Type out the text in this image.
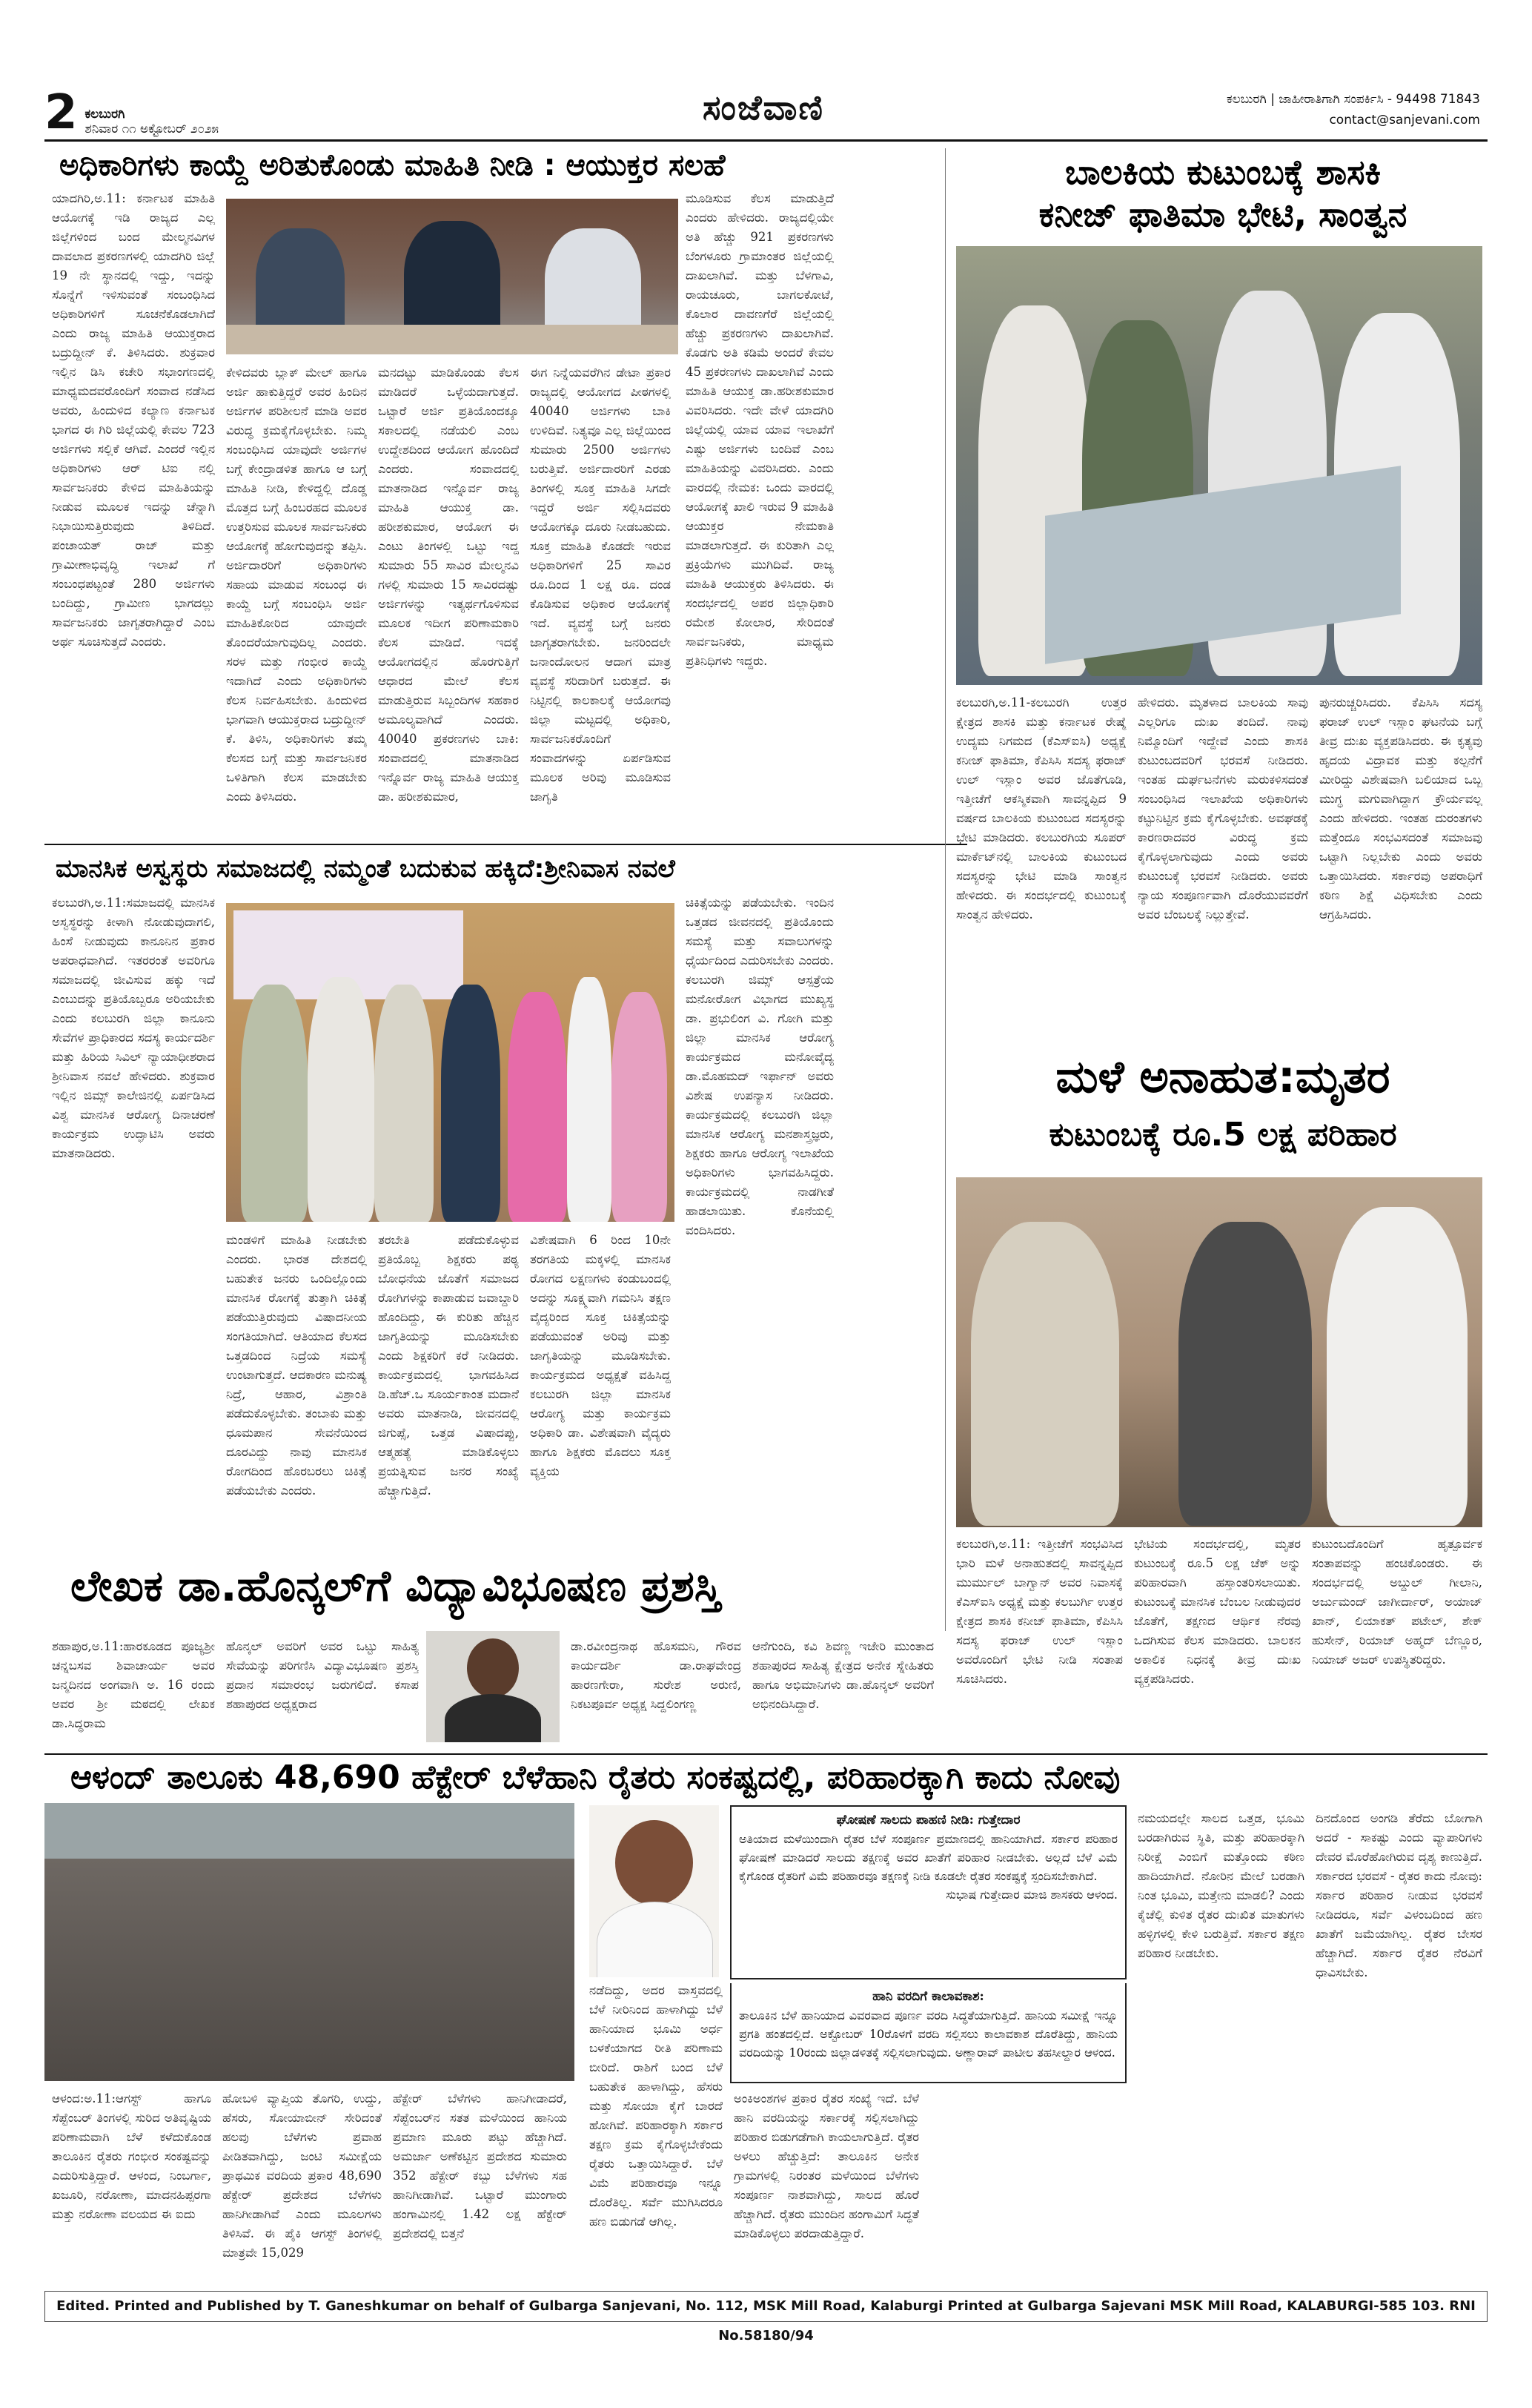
2 ಕಲಬುರಗಿ
ಶನಿವಾರ ೧೧ ಅಕ್ಟೋಬರ್ ೨೦೨೫
ಸಂಜೆವಾಣಿ	ಕಲಬುರಗಿ | ಜಾಹೀರಾತಿಗಾಗಿ ಸಂಪರ್ಕಿಸಿ - 94498 71843
contact@sanjevani.com
ಅಧಿಕಾರಿಗಳು ಕಾಯ್ದೆ ಅರಿತುಕೊಂಡು ಮಾಹಿತಿ ನೀಡಿ : ಆಯುಕ್ತರ ಸಲಹೆ
ಯಾದಗಿರಿ,ಅ.11: ಕರ್ನಾಟಕ ಮಾಹಿತಿ ಆಯೋಗಕ್ಕೆ ಇಡಿ ರಾಜ್ಯದ ಎಲ್ಲ ಜಿಲ್ಲೆಗಳಿಂದ ಬಂದ ಮೇಲ್ಮನವಿಗಳ ದಾವಲಾದ ಪ್ರಕರಣಗಳಲ್ಲಿ ಯಾದಗಿರಿ ಜಿಲ್ಲೆ 19 ನೇ ಸ್ಥಾನದಲ್ಲಿ ಇದ್ದು, ಇದನ್ನು ಸೊನ್ನೆಗೆ ಇಳಿಸುವಂತೆ ಸಂಬಂಧಿಸಿದ ಅಧಿಕಾರಿಗಳಿಗೆ ಸೂಚನೆಕೊಡಲಾಗಿದೆ ಎಂದು ರಾಜ್ಯ ಮಾಹಿತಿ ಆಯುಕ್ತರಾದ ಬದ್ರುದ್ದೀನ್ ಕೆ. ತಿಳಿಸಿದರು. ಶುಕ್ರವಾರ ಇಲ್ಲಿನ ಡಿಸಿ ಕಚೇರಿ ಸಭಾಂಗಣದಲ್ಲಿ ಮಾಧ್ಯಮದವರೊಂದಿಗೆ ಸಂವಾದ ನಡೆಸಿದ ಅವರು, ಹಿಂದುಳಿದ ಕಲ್ಯಾಣ ಕರ್ನಾಟಕ ಭಾಗದ ಈ ಗಿರಿ ಜಿಲ್ಲೆಯಲ್ಲಿ ಕೇವಲ 723 ಅರ್ಜಿಗಳು ಸಲ್ಲಿಕೆ ಆಗಿವೆ. ಎಂದರೆ ಇಲ್ಲಿನ ಅಧಿಕಾರಿಗಳು ಆರ್ ಟಿಐ ನಲ್ಲಿ ಸಾರ್ವಜನಿಕರು ಕೇಳಿದ ಮಾಹಿತಿಯನ್ನು ನೀಡುವ ಮೂಲಕ ಇದನ್ನು ಚೆನ್ನಾಗಿ ನಿಭಾಯಿಸುತ್ತಿರುವುದು ತಿಳಿದಿದೆ. ಪಂಚಾಯತ್ ರಾಜ್ ಮತ್ತು ಗ್ರಾಮೀಣಾಭಿವೃದ್ಧಿ ಇಲಾಖೆ ಗೆ ಸಂಬಂಧಪಟ್ಟಂತೆ 280 ಅರ್ಜಿಗಳು ಬಂದಿದ್ದು, ಗ್ರಾಮೀಣ ಭಾಗದಲ್ಲು ಸಾರ್ವಜನಿಕರು ಜಾಗೃತರಾಗಿದ್ದಾರೆ ಎಂಬ ಅರ್ಥ ಸೂಚಿಸುತ್ತದೆ ಎಂದರು.
ಕೇಳಿದವರು ಬ್ಲಾಕ್ ಮೇಲ್ ಹಾಗೂ ಅರ್ಜಿ ಹಾಕುತ್ತಿದ್ದರೆ ಅವರ ಹಿಂದಿನ ಅರ್ಜಿಗಳ ಪರಿಶೀಲನೆ ಮಾಡಿ ಅವರ ವಿರುದ್ಧ ಕ್ರಮಕೈಗೊಳ್ಳಬೇಕು. ನಿಮ್ಮ ಸಂಬಂಧಿಸಿದ ಯಾವುದೇ ಅರ್ಜಿಗಳ ಬಗ್ಗೆ ಕೇಂದ್ರಾಡಳಿತ ಹಾಗೂ ಆ ಬಗ್ಗೆ ಮಾಹಿತಿ ನೀಡಿ, ಕೇಳಿದ್ದಲ್ಲಿ ದೊಡ್ಡ ಮೊತ್ತದ ಬಗ್ಗೆ ಹಿಂಬರಹದ ಮೂಲಕ ಉತ್ತರಿಸುವ ಮೂಲಕ ಸಾರ್ವಜನಿಕರು ಆಯೋಗಕ್ಕೆ ಹೋಗುವುದನ್ನು ತಪ್ಪಿಸಿ. ಅರ್ಜಿದಾರರಿಗೆ ಅಧಿಕಾರಿಗಳು ಸಹಾಯ ಮಾಡುವ ಸಂಬಂಧ ಈ ಕಾಯ್ದೆ ಬಗ್ಗೆ ಸಂಬಂಧಿಸಿ ಅರ್ಜಿ ಮಾಹಿತಿಕೋರಿದ ಯಾವುದೇ ತೊಂದರೆಯಾಗುವುದಿಲ್ಲ ಎಂದರು. ಸರಳ ಮತ್ತು ಗಂಭೀರ ಕಾಯ್ದೆ ಇದಾಗಿದೆ ಎಂದು ಅಧಿಕಾರಿಗಳು ಕೆಲಸ ನಿರ್ವಹಿಸಬೇಕು. ಹಿಂದುಳಿದ ಭಾಗವಾಗಿ ಆಯುಕ್ತರಾದ ಬದ್ರುದ್ದೀನ್ ಕೆ. ತಿಳಿಸಿ, ಅಧಿಕಾರಿಗಳು ತಮ್ಮ ಕೆಲಸದ ಬಗ್ಗೆ ಮತ್ತು ಸಾರ್ವಜನಿಕರ ಒಳಿತಿಗಾಗಿ ಕೆಲಸ ಮಾಡಬೇಕು ಎಂದು ತಿಳಿಸಿದರು.
ಮನದಟ್ಟು ಮಾಡಿಕೊಂಡು ಕೆಲಸ ಮಾಡಿದರೆ ಒಳ್ಳೆಯದಾಗುತ್ತದೆ. ಒಟ್ಟಾರೆ ಅರ್ಜಿ ಪ್ರತಿಯೊಂದಕ್ಕೂ ಸಕಾಲದಲ್ಲಿ ನಡೆಯಲಿ ಎಂಬ ಉದ್ದೇಶದಿಂದ ಆಯೋಗ ಹೊಂದಿದೆ ಎಂದರು. ಸಂವಾದದಲ್ಲಿ ಮಾತನಾಡಿದ ಇನ್ನೊರ್ವ ರಾಜ್ಯ ಮಾಹಿತಿ ಆಯುಕ್ತ ಡಾ. ಹರೀಶಕುಮಾರ, ಆಯೋಗ ಈ ಎಂಟು ತಿಂಗಳಲ್ಲಿ ಒಟ್ಟು ಇದ್ದ ಸುಮಾರು 55 ಸಾವಿರ ಮೇಲ್ಮನವಿ ಗಳಲ್ಲಿ ಸುಮಾರು 15 ಸಾವಿರದಷ್ಟು ಅರ್ಜಿಗಳನ್ನು ಇತ್ಯರ್ಥಗೊಳಿಸುವ ಮೂಲಕ ಇದೀಗ ಪರಿಣಾಮಕಾರಿ ಕೆಲಸ ಮಾಡಿದೆ. ಇದಕ್ಕೆ ಆಯೋಗದಲ್ಲಿನ ಹೊರಗುತ್ತಿಗೆ ಆಧಾರದ ಮೇಲೆ ಕೆಲಸ ಮಾಡುತ್ತಿರುವ ಸಿಬ್ಬಂದಿಗಳ ಸಹಕಾರ ಅಮೂಲ್ಯವಾಗಿದೆ ಎಂದರು. 40040 ಪ್ರಕರಣಗಳು ಬಾಕಿ: ಸಂವಾದದಲ್ಲಿ ಮಾತನಾಡಿದ ಇನ್ನೊರ್ವ ರಾಜ್ಯ ಮಾಹಿತಿ ಆಯುಕ್ತ ಡಾ. ಹರೀಶಕುಮಾರ,
ಈಗ ನಿನ್ನೆಯವರೆಗಿನ ಡೇಟಾ ಪ್ರಕಾರ ರಾಜ್ಯದಲ್ಲಿ ಆಯೋಗದ ಪೀಠಗಳಲ್ಲಿ 40040 ಅರ್ಜಿಗಳು ಬಾಕಿ ಉಳಿದಿವೆ. ನಿತ್ಯವೂ ಎಲ್ಲ ಜಿಲ್ಲೆಯಿಂದ ಸುಮಾರು 2500 ಅರ್ಜಿಗಳು ಬರುತ್ತಿವೆ. ಅರ್ಜಿದಾರರಿಗೆ ಎರಡು ತಿಂಗಳಲ್ಲಿ ಸೂಕ್ತ ಮಾಹಿತಿ ಸಿಗದೇ ಇದ್ದರೆ ಅರ್ಜಿ ಸಲ್ಲಿಸಿದವರು ಆಯೋಗಕ್ಕೂ ದೂರು ನೀಡಬಹುದು. ಸೂಕ್ತ ಮಾಹಿತಿ ಕೊಡದೇ ಇರುವ ಅಧಿಕಾರಿಗಳಿಗೆ 25 ಸಾವಿರ ರೂ.ದಿಂದ 1 ಲಕ್ಷ ರೂ. ದಂಡ ಕೊಡಿಸುವ ಅಧಿಕಾರ ಆಯೋಗಕ್ಕೆ ಇದೆ. ವ್ಯವಸ್ಥೆ ಬಗ್ಗೆ ಜನರು ಜಾಗೃತರಾಗಬೇಕು. ಜನರಿಂದಲೇ ಜನಾಂದೋಲನ ಆದಾಗ ಮಾತ್ರ ವ್ಯವಸ್ಥೆ ಸರಿದಾರಿಗೆ ಬರುತ್ತದೆ. ಈ ನಿಟ್ಟಿನಲ್ಲಿ ಕಾಲಕಾಲಕ್ಕೆ ಆಯೋಗವು ಜಿಲ್ಲಾ ಮಟ್ಟದಲ್ಲಿ ಅಧಿಕಾರಿ, ಸಾರ್ವಜನಿಕರೊಂದಿಗೆ ಸಂವಾದಗಳನ್ನು ಏರ್ಪಡಿಸುವ ಮೂಲಕ ಅರಿವು ಮೂಡಿಸುವ ಜಾಗೃತಿ
ಮೂಡಿಸುವ ಕೆಲಸ ಮಾಡುತ್ತಿದೆ ಎಂದರು ಹೇಳಿದರು. ರಾಜ್ಯದಲ್ಲಿಯೇ ಅತಿ ಹೆಚ್ಚು 921 ಪ್ರಕರಣಗಳು ಬೆಂಗಳೂರು ಗ್ರಾಮಾಂತರ ಜಿಲ್ಲೆಯಲ್ಲಿ ದಾಖಲಾಗಿವೆ. ಮತ್ತು ಬೆಳಗಾವಿ, ರಾಯಚೂರು, ಬಾಗಲಕೋಟೆ, ಕೊಲಾರ ದಾವಣಗೆರೆ ಜಿಲ್ಲೆಯಲ್ಲಿ ಹೆಚ್ಚು ಪ್ರಕರಣಗಳು ದಾಖಲಾಗಿವೆ. ಕೊಡಗು ಅತಿ ಕಡಿಮೆ ಅಂದರೆ ಕೇವಲ 45 ಪ್ರಕರಣಗಳು ದಾಖಲಾಗಿವೆ ಎಂದು ಮಾಹಿತಿ ಆಯುಕ್ತ ಡಾ.ಹರೀಶಕುಮಾರ ವಿವರಿಸಿದರು. ಇದೇ ವೇಳೆ ಯಾದಗಿರಿ ಜಿಲ್ಲೆಯಲ್ಲಿ ಯಾವ ಯಾವ ಇಲಾಖೆಗೆ ಎಷ್ಟು ಅರ್ಜಿಗಳು ಬಂದಿವೆ ಎಂಬ ಮಾಹಿತಿಯನ್ನು ವಿವರಿಸಿದರು. ಎಂದು ವಾರದಲ್ಲಿ ನೇಮಕ: ಒಂದು ವಾರದಲ್ಲಿ ಆಯೋಗಕ್ಕೆ ಖಾಲಿ ಇರುವ 9 ಮಾಹಿತಿ ಆಯುಕ್ತರ ನೇಮಕಾತಿ ಮಾಡಲಾಗುತ್ತದೆ. ಈ ಕುರಿತಾಗಿ ಎಲ್ಲ ಪ್ರಕ್ರಿಯೆಗಳು ಮುಗಿದಿವೆ. ರಾಜ್ಯ ಮಾಹಿತಿ ಆಯುಕ್ತರು ತಿಳಿಸಿದರು. ಈ ಸಂದರ್ಭದಲ್ಲಿ ಅಪರ ಜಿಲ್ಲಾಧಿಕಾರಿ ರಮೇಶ ಕೋಲಾರ, ಸೇರಿದಂತೆ ಸಾರ್ವಜನಿಕರು, ಮಾಧ್ಯಮ ಪ್ರತಿನಿಧಿಗಳು ಇದ್ದರು.
ಬಾಲಕಿಯ ಕುಟುಂಬಕ್ಕೆ ಶಾಸಕಿ
ಕನೀಜ್ ಫಾತಿಮಾ ಭೇಟಿ, ಸಾಂತ್ವನ
ಕಲಬುರಗಿ,ಅ.11-ಕಲಬುರಗಿ ಉತ್ತರ ಕ್ಷೇತ್ರದ ಶಾಸಕಿ ಮತ್ತು ಕರ್ನಾಟಕ ರೇಷ್ಮೆ ಉದ್ಯಮ ನಿಗಮದ (ಕೆಎಸ್‌ಐಸಿ) ಅಧ್ಯಕ್ಷೆ ಕನೀಜ್ ಫಾತಿಮಾ, ಕೆಪಿಸಿಸಿ ಸದಸ್ಯ ಫರಾಜ್ ಉಲ್ ಇಸ್ಲಾಂ ಅವರ ಜೊತೆಗೂಡಿ, ಇತ್ತೀಚೆಗೆ ಆಕಸ್ಮಿಕವಾಗಿ ಸಾವನ್ನಪ್ಪಿದ 9 ವರ್ಷದ ಬಾಲಕಿಯ ಕುಟುಂಬದ ಸದಸ್ಯರನ್ನು ಭೇಟಿ ಮಾಡಿದರು. ಕಲಬುರಗಿಯ ಸೂಪರ್ ಮಾರ್ಕೆಟ್‌ನಲ್ಲಿ ಬಾಲಕಿಯ ಕುಟುಂಬದ ಸದಸ್ಯರನ್ನು ಭೇಟಿ ಮಾಡಿ ಸಾಂತ್ವನ ಹೇಳಿದರು. ಈ ಸಂದರ್ಭದಲ್ಲಿ ಕುಟುಂಬಕ್ಕೆ ಸಾಂತ್ವನ ಹೇಳಿದರು.
ಹೇಳಿದರು. ಮೃತಳಾದ ಬಾಲಕಿಯ ಸಾವು ಎಲ್ಲರಿಗೂ ದುಃಖ ತಂದಿದೆ. ನಾವು ನಿಮ್ಮೊಂದಿಗೆ ಇದ್ದೇವೆ ಎಂದು ಶಾಸಕಿ ಕುಟುಂಬದವರಿಗೆ ಭರವಸೆ ನೀಡಿದರು. ಇಂತಹ ದುರ್ಘಟನೆಗಳು ಮರುಕಳಿಸದಂತೆ ಸಂಬಂಧಿಸಿದ ಇಲಾಖೆಯ ಅಧಿಕಾರಿಗಳು ಕಟ್ಟುನಿಟ್ಟಿನ ಕ್ರಮ ಕೈಗೊಳ್ಳಬೇಕು. ಅವಘಡಕ್ಕೆ ಕಾರಣರಾದವರ ವಿರುದ್ಧ ಕ್ರಮ ಕೈಗೊಳ್ಳಲಾಗುವುದು ಎಂದು ಅವರು ಕುಟುಂಬಕ್ಕೆ ಭರವಸೆ ನೀಡಿದರು. ಅವರು ನ್ಯಾಯ ಸಂಪೂರ್ಣವಾಗಿ ದೊರೆಯುವವರೆಗೆ ಅವರ ಬೆಂಬಲಕ್ಕೆ ನಿಲ್ಲುತ್ತೇವೆ.
ಪುನರುಚ್ಚರಿಸಿದರು. ಕೆಪಿಸಿಸಿ ಸದಸ್ಯ ಫರಾಜ್ ಉಲ್ ಇಸ್ಲಾಂ ಘಟನೆಯ ಬಗ್ಗೆ ತೀವ್ರ ದುಃಖ ವ್ಯಕ್ತಪಡಿಸಿದರು. ಈ ಕೃತ್ಯವು ಹೃದಯ ವಿದ್ರಾವಕ ಮತ್ತು ಕಲ್ಪನೆಗೆ ಮೀರಿದ್ದು ವಿಶೇಷವಾಗಿ ಬಲಿಯಾದ ಒಬ್ಬ ಮುಗ್ಧ ಮಗುವಾಗಿದ್ದಾಗ ಕ್ರೌರ್ಯವಲ್ಲ ಎಂದು ಹೇಳಿದರು. ಇಂತಹ ದುರಂತಗಳು ಮತ್ತೆಂದೂ ಸಂಭವಿಸದಂತೆ ಸಮಾಜವು ಒಟ್ಟಾಗಿ ನಿಲ್ಲಬೇಕು ಎಂದು ಅವರು ಒತ್ತಾಯಿಸಿದರು. ಸರ್ಕಾರವು ಅಪರಾಧಿಗೆ ಕಠಿಣ ಶಿಕ್ಷೆ ವಿಧಿಸಬೇಕು ಎಂದು ಆಗ್ರಹಿಸಿದರು.
ಮಾನಸಿಕ ಅಸ್ವಸ್ಥರು ಸಮಾಜದಲ್ಲಿ ನಮ್ಮಂತೆ ಬದುಕುವ ಹಕ್ಕಿದೆ:ಶ್ರೀನಿವಾಸ ನವಲೆ
ಕಲಬುರಗಿ,ಅ.11:ಸಮಾಜದಲ್ಲಿ ಮಾನಸಿಕ ಅಸ್ವಸ್ಥರನ್ನು ಕೀಳಾಗಿ ನೋಡುವುದಾಗಲಿ, ಹಿಂಸೆ ನೀಡುವುದು ಕಾನೂನಿನ ಪ್ರಕಾರ ಅಪರಾಧವಾಗಿದೆ. ಇತರರಂತೆ ಅವರಿಗೂ ಸಮಾಜದಲ್ಲಿ ಜೀವಿಸುವ ಹಕ್ಕು ಇದೆ ಎಂಬುದನ್ನು ಪ್ರತಿಯೊಬ್ಬರೂ ಅರಿಯಬೇಕು ಎಂದು ಕಲಬುರಗಿ ಜಿಲ್ಲಾ ಕಾನೂನು ಸೇವೆಗಳ ಪ್ರಾಧಿಕಾರದ ಸದಸ್ಯ ಕಾರ್ಯದರ್ಶಿ ಮತ್ತು ಹಿರಿಯ ಸಿವಿಲ್ ನ್ಯಾಯಾಧೀಶರಾದ ಶ್ರೀನಿವಾಸ ನವಲೆ ಹೇಳಿದರು. ಶುಕ್ರವಾರ ಇಲ್ಲಿನ ಜಿಮ್ಸ್ ಕಾಲೇಜಿನಲ್ಲಿ ಏರ್ಪಡಿಸಿದ ವಿಶ್ವ ಮಾನಸಿಕ ಆರೋಗ್ಯ ದಿನಾಚರಣೆ ಕಾರ್ಯಕ್ರಮ ಉದ್ಘಾಟಿಸಿ ಅವರು ಮಾತನಾಡಿದರು.
ಮಂಡಳಿಗೆ ಮಾಹಿತಿ ನೀಡಬೇಕು ಎಂದರು. ಭಾರತ ದೇಶದಲ್ಲಿ ಬಹುತೇಕ ಜನರು ಒಂದಿಲ್ಲೊಂದು ಮಾನಸಿಕ ರೋಗಕ್ಕೆ ತುತ್ತಾಗಿ ಚಿಕಿತ್ಸೆ ಪಡೆಯುತ್ತಿರುವುದು ವಿಷಾದನೀಯ ಸಂಗತಿಯಾಗಿದೆ. ಆತಿಯಾದ ಕೆಲಸದ ಒತ್ತಡದಿಂದ ನಿದ್ರೆಯ ಸಮಸ್ಯೆ ಉಂಟಾಗುತ್ತದೆ. ಆದಕಾರಣ ಮನುಷ್ಯ ನಿದ್ರೆ, ಆಹಾರ, ವಿಶ್ರಾಂತಿ ಪಡೆದುಕೊಳ್ಳಬೇಕು. ತಂಬಾಕು ಮತ್ತು ಧೂಮಪಾನ ಸೇವನೆಯಿಂದ ದೂರವಿದ್ದು ನಾವು ಮಾನಸಿಕ ರೋಗದಿಂದ ಹೊರಬರಲು ಚಿಕಿತ್ಸೆ ಪಡೆಯಬೇಕು ಎಂದರು.
ತರಬೇತಿ ಪಡೆದುಕೊಳ್ಳುವ ಪ್ರತಿಯೊಬ್ಬ ಶಿಕ್ಷಕರು ಪಠ್ಯ ಬೋಧನೆಯ ಜೊತೆಗೆ ಸಮಾಜದ ರೋಗಿಗಳನ್ನು ಕಾಪಾಡುವ ಜವಾಬ್ದಾರಿ ಹೊಂದಿದ್ದು, ಈ ಕುರಿತು ಹೆಚ್ಚಿನ ಜಾಗೃತಿಯನ್ನು ಮೂಡಿಸಬೇಕು ಎಂದು ಶಿಕ್ಷಕರಿಗೆ ಕರೆ ನೀಡಿದರು. ಕಾರ್ಯಕ್ರಮದಲ್ಲಿ ಭಾಗವಹಿಸಿದ ಡಿ.ಹೆಚ್.ಒ ಸೂರ್ಯಕಾಂತ ಮದಾನೆ ಅವರು ಮಾತನಾಡಿ, ಜೀವನದಲ್ಲಿ ಜಿಗುಪ್ಸೆ, ಒತ್ತಡ ವಿಷಾದಪ್ಪು, ಆತ್ಮಹತ್ಯೆ ಮಾಡಿಕೊಳ್ಳಲು ಪ್ರಯತ್ನಿಸುವ ಜನರ ಸಂಖ್ಯೆ ಹೆಚ್ಚಾಗುತ್ತಿದೆ.
ವಿಶೇಷವಾಗಿ 6 ರಿಂದ 10ನೇ ತರಗತಿಯ ಮಕ್ಕಳಲ್ಲಿ ಮಾನಸಿಕ ರೋಗದ ಲಕ್ಷಣಗಳು ಕಂಡುಬಂದಲ್ಲಿ ಅದನ್ನು ಸೂಕ್ಷ್ಮವಾಗಿ ಗಮನಿಸಿ ತಕ್ಷಣ ವೈದ್ಯರಿಂದ ಸೂಕ್ತ ಚಿಕಿತ್ಸೆಯನ್ನು ಪಡೆಯುವಂತೆ ಅರಿವು ಮತ್ತು ಜಾಗೃತಿಯನ್ನು ಮೂಡಿಸಬೇಕು. ಕಾರ್ಯಕ್ರಮದ ಅಧ್ಯಕ್ಷತೆ ವಹಿಸಿದ್ದ ಕಲಬುರಗಿ ಜಿಲ್ಲಾ ಮಾನಸಿಕ ಆರೋಗ್ಯ ಮತ್ತು ಕಾರ್ಯಕ್ರಮ ಅಧಿಕಾರಿ ಡಾ. ವಿಶೇಷವಾಗಿ ವೈದ್ಯರು ಹಾಗೂ ಶಿಕ್ಷಕರು ಮೊದಲು ಸೂಕ್ತ ವ್ಯಕ್ತಿಯ
ಚಿಕಿತ್ಸೆಯನ್ನು ಪಡೆಯಬೇಕು. ಇಂದಿನ ಒತ್ತಡದ ಜೀವನದಲ್ಲಿ ಪ್ರತಿಯೊಂದು ಸಮಸ್ಯೆ ಮತ್ತು ಸವಾಲುಗಳನ್ನು ಧೈರ್ಯದಿಂದ ಎದುರಿಸಬೇಕು ಎಂದರು. ಕಲಬುರಗಿ ಜಿಮ್ಸ್ ಆಸ್ಪತ್ರೆಯ ಮನೋರೋಗ ವಿಭಾಗದ ಮುಖ್ಯಸ್ಥ ಡಾ. ಪ್ರಭುಲಿಂಗ ವಿ. ಗೋಗಿ ಮತ್ತು ಜಿಲ್ಲಾ ಮಾನಸಿಕ ಆರೋಗ್ಯ ಕಾರ್ಯಕ್ರಮದ ಮನೋವೈದ್ಯ ಡಾ.ಮೊಹಮದ್ ಇರ್ಫಾನ್ ಅವರು ವಿಶೇಷ ಉಪನ್ಯಾಸ ನೀಡಿದರು. ಕಾರ್ಯಕ್ರಮದಲ್ಲಿ ಕಲಬುರಗಿ ಜಿಲ್ಲಾ ಮಾನಸಿಕ ಆರೋಗ್ಯ ಮನಶಾಸ್ತ್ರಜ್ಞರು, ಶಿಕ್ಷಕರು ಹಾಗೂ ಆರೋಗ್ಯ ಇಲಾಖೆಯ ಅಧಿಕಾರಿಗಳು ಭಾಗವಹಿಸಿದ್ದರು. ಕಾರ್ಯಕ್ರಮದಲ್ಲಿ ನಾಡಗೀತೆ ಹಾಡಲಾಯಿತು. ಕೊನೆಯಲ್ಲಿ ವಂದಿಸಿದರು.
ಮಳೆ ಅನಾಹುತ:ಮೃತರ
ಕುಟುಂಬಕ್ಕೆ ರೂ.5 ಲಕ್ಷ ಪರಿಹಾರ
ಕಲಬುರಗಿ,ಅ.11: ಇತ್ತೀಚೆಗೆ ಸಂಭವಿಸಿದ ಭಾರಿ ಮಳೆ ಅನಾಹುತದಲ್ಲಿ ಸಾವನ್ನಪ್ಪಿದ ಮುರ್ಮುಲ್ ಬಾಗ್ವಾನ್ ಅವರ ನಿವಾಸಕ್ಕೆ ಕೆಎಸ್‌ಐಸಿ ಅಧ್ಯಕ್ಷೆ ಮತ್ತು ಕಲಬುರ್ಗಿ ಉತ್ತರ ಕ್ಷೇತ್ರದ ಶಾಸಕಿ ಕನೀಜ್ ಫಾತಿಮಾ, ಕೆಪಿಸಿಸಿ ಸದಸ್ಯ ಫರಾಜ್ ಉಲ್ ಇಸ್ಲಾಂ ಅವರೊಂದಿಗೆ ಭೇಟಿ ನೀಡಿ ಸಂತಾಪ ಸೂಚಿಸಿದರು.
ಭೇಟಿಯ ಸಂದರ್ಭದಲ್ಲಿ, ಮೃತರ ಕುಟುಂಬಕ್ಕೆ ರೂ.5 ಲಕ್ಷ ಚೆಕ್ ಅನ್ನು ಪರಿಹಾರವಾಗಿ ಹಸ್ತಾಂತರಿಸಲಾಯಿತು. ಕುಟುಂಬಕ್ಕೆ ಮಾನಸಿಕ ಬೆಂಬಲ ನೀಡುವುದರ ಜೊತೆಗೆ, ತಕ್ಷಣದ ಆರ್ಥಿಕ ನೆರವು ಒದಗಿಸುವ ಕೆಲಸ ಮಾಡಿದರು. ಬಾಲಕನ ಅಕಾಲಿಕ ನಿಧನಕ್ಕೆ ತೀವ್ರ ದುಃಖ ವ್ಯಕ್ತಪಡಿಸಿದರು.
ಕುಟುಂಬದೊಂದಿಗೆ ಹೃತ್ಪೂರ್ವಕ ಸಂತಾಪವನ್ನು ಹಂಚಿಕೊಂಡರು. ಈ ಸಂದರ್ಭದಲ್ಲಿ ಅಬ್ದುಲ್ ಗೀಲಾನಿ, ಅರ್ಜುಮಂದ್ ಜಾಗೀರ್ದಾರ್, ಅಯಾಜ್ ಖಾನ್, ಲಿಯಾಕತ್ ಪಟೇಲ್, ಶೇಕ್ ಹುಸೇನ್, ರಿಯಾಜ್ ಅಹ್ಮದ್ ಬೆಣ್ಣೂರ, ನಿಯಾಜ್ ಅಜರ್ ಉಪಸ್ಥಿತರಿದ್ದರು.
ಲೇಖಕ ಡಾ.ಹೊನ್ಕಲ್‌ಗೆ ವಿದ್ಯಾವಿಭೂಷಣ ಪ್ರಶಸ್ತಿ
ಶಹಾಪುರ,ಅ.11:ಹಾರಕೂಡದ ಪೂಜ್ಯಶ್ರೀ ಚನ್ನಬಸವ ಶಿವಾಚಾರ್ಯ ಅವರ ಜನ್ಮದಿನದ ಅಂಗವಾಗಿ ಅ. 16 ರಂದು ಅವರ ಶ್ರೀ ಮಠದಲ್ಲಿ ಲೇಖಕ ಡಾ.ಸಿದ್ಧರಾಮ
ಹೊನ್ಕಲ್ ಅವರಿಗೆ ಅವರ ಒಟ್ಟು ಸಾಹಿತ್ಯ ಸೇವೆಯನ್ನು ಪರಿಗಣಿಸಿ ವಿದ್ಯಾವಿಭೂಷಣ ಪ್ರಶಸ್ತಿ ಪ್ರದಾನ ಸಮಾರಂಭ ಜರುಗಲಿದೆ. ಕಸಾಪ ಶಹಾಪುರದ ಅಧ್ಯಕ್ಷರಾದ
ಡಾ.ರವೀಂದ್ರನಾಥ ಹೊಸಮನಿ, ಗೌರವ ಕಾರ್ಯದರ್ಶಿ ಡಾ.ರಾಘವೇಂದ್ರ ಹಾರಣಗೇರಾ, ಸುರೇಶ ಅರುಣಿ, ನಿಕಟಪೂರ್ವ ಅಧ್ಯಕ್ಷ ಸಿದ್ದಲಿಂಗಣ್ಣ
ಆನೆಗುಂದಿ, ಕವಿ ಶಿವಣ್ಣ ಇಜೇರಿ ಮುಂತಾದ ಶಹಾಪುರದ ಸಾಹಿತ್ಯ ಕ್ಷೇತ್ರದ ಅನೇಕ ಸ್ನೇಹಿತರು ಹಾಗೂ ಅಭಿಮಾನಿಗಳು ಡಾ.ಹೊನ್ಕಲ್ ಅವರಿಗೆ ಅಭಿನಂದಿಸಿದ್ದಾರೆ.
ಆಳಂದ್ ತಾಲೂಕು 48,690 ಹೆಕ್ಟೇರ್ ಬೆಳೆಹಾನಿ ರೈತರು ಸಂಕಷ್ಟದಲ್ಲಿ, ಪರಿಹಾರಕ್ಕಾಗಿ ಕಾದು ನೋವು
ಘೋಷಣೆ ಸಾಲದು ಪಾಹಣಿ ನೀಡಿ: ಗುತ್ತೇದಾರ
ಅತಿಯಾದ ಮಳೆಯಿಂದಾಗಿ ರೈತರ ಬೆಳೆ ಸಂಪೂರ್ಣ ಪ್ರಮಾಣದಲ್ಲಿ ಹಾನಿಯಾಗಿದೆ. ಸರ್ಕಾರ ಪರಿಹಾರ ಘೋಷಣೆ ಮಾಡಿದರೆ ಸಾಲದು ತಕ್ಷಣಕ್ಕೆ ಅವರ ಖಾತೆಗೆ ಪರಿಹಾರ ನೀಡಬೇಕು. ಅಲ್ಲದೆ ಬೆಳೆ ವಿಮೆ ಕೈಗೊಂಡ ರೈತರಿಗೆ ವಿಮೆ ಪರಿಹಾರವೂ ತಕ್ಷಣಕ್ಕೆ ನೀಡಿ ಕೂಡಲೇ ರೈತರ ಸಂಕಷ್ಟಕ್ಕೆ ಸ್ಪಂದಿಸಬೇಕಾಗಿದೆ.
ಸುಭಾಷ ಗುತ್ತೇದಾರ ಮಾಜಿ ಶಾಸಕರು ಆಳಂದ.
ಹಾನಿ ವರದಿಗೆ ಕಾಲಾವಕಾಶ:
ತಾಲೂಕಿನ ಬೆಳೆ ಹಾನಿಯಾದ ವಿವರವಾದ ಪೂರ್ಣ ವರದಿ ಸಿದ್ಧತೆಯಾಗುತ್ತಿದೆ. ಹಾನಿಯ ಸಮೀಕ್ಷೆ ಇನ್ನೂ ಪ್ರಗತಿ ಹಂತದಲ್ಲಿದೆ. ಅಕ್ಟೋಬರ್ 10ರೊಳಗೆ ವರದಿ ಸಲ್ಲಿಸಲು ಕಾಲಾವಕಾಶ ದೊರೆತಿದ್ದು, ಹಾನಿಯ ವರದಿಯನ್ನು 10ರಂದು ಜಿಲ್ಲಾಡಳಿತಕ್ಕೆ ಸಲ್ಲಿಸಲಾಗುವುದು. ಅಣ್ಣಾರಾವ್ ಪಾಟೀಲ ತಹಸೀಲ್ದಾರ ಆಳಂದ.
ನಡೆದಿದ್ದು, ಅದರ ವಾಸ್ತವದಲ್ಲಿ ಬೆಳೆ ನೀರಿನಿಂದ ಹಾಳಾಗಿದ್ದು ಬೆಳೆ ಹಾನಿಯಾದ ಭೂಮಿ ಅರ್ಧ ಬಳಕೆಯಾಗದ ರೀತಿ ಪರಿಣಾಮ ಬೀರಿದೆ. ರಾಶಿಗೆ ಬಂದ ಬೆಳೆ ಬಹುತೇಕ ಹಾಳಾಗಿದ್ದು, ಹೆಸರು ಮತ್ತು ಸೋಯಾ ಕೈಗೆ ಬಾರದೆ ಹೋಗಿವೆ. ಪರಿಹಾರಕ್ಕಾಗಿ ಸರ್ಕಾರ ತಕ್ಷಣ ಕ್ರಮ ಕೈಗೊಳ್ಳಬೇಕೆಂದು ರೈತರು ಒತ್ತಾಯಿಸಿದ್ದಾರೆ. ಬೆಳೆ ವಿಮೆ ಪರಿಹಾರವೂ ಇನ್ನೂ ದೊರೆತಿಲ್ಲ. ಸರ್ವೆ ಮುಗಿಸಿದರೂ ಹಣ ಬಿಡುಗಡೆ ಆಗಿಲ್ಲ.
ಆಳಂದ:ಅ.11:ಆಗಸ್ಟ್ ಹಾಗೂ ಸೆಪ್ಟೆಂಬರ್ ತಿಂಗಳಲ್ಲಿ ಸುರಿದ ಅತಿವೃಷ್ಟಿಯ ಪರಿಣಾಮವಾಗಿ ಬೆಳೆ ಕಳೆದುಕೊಂಡ ತಾಲೂಕಿನ ರೈತರು ಗಂಭೀರ ಸಂಕಷ್ಟವನ್ನು ಎದುರಿಸುತ್ತಿದ್ದಾರೆ. ಆಳಂದ, ನಿಂಬರ್ಗಾ, ಖಜೂರಿ, ನರೋಣಾ, ಮಾದನಹಿಪ್ಪರಗಾ ಮತ್ತು ನರೋಣಾ ವಲಯದ ಈ ಐದು
ಹೋಬಳಿ ವ್ಯಾಪ್ತಿಯ ತೊಗರಿ, ಉದ್ದು, ಹೆಸರು, ಸೋಯಾಬೀನ್ ಸೇರಿದಂತೆ ಹಲವು ಬೆಳೆಗಳು ಪ್ರವಾಹ ಪೀಡಿತವಾಗಿದ್ದು, ಜಂಟಿ ಸಮೀಕ್ಷೆಯ ಪ್ರಾಥಮಿಕ ವರದಿಯ ಪ್ರಕಾರ 48,690 ಹೆಕ್ಟೇರ್ ಪ್ರದೇಶದ ಬೆಳೆಗಳು ಹಾನಿಗೀಡಾಗಿವೆ ಎಂದು ಮೂಲಗಳು ತಿಳಿಸಿವೆ. ಈ ಪೈಕಿ ಆಗಸ್ಟ್ ತಿಂಗಳಲ್ಲಿ ಮಾತ್ರವೇ 15,029
ಹೆಕ್ಟೇರ್ ಬೆಳೆಗಳು ಹಾನಿಗೀಡಾದರೆ, ಸೆಪ್ಟೆಂಬರ್‌ನ ಸತತ ಮಳೆಯಿಂದ ಹಾನಿಯ ಪ್ರಮಾಣ ಮೂರು ಪಟ್ಟು ಹೆಚ್ಚಾಗಿದೆ. ಅಮರ್ಜಾ ಅಣೆಕಟ್ಟಿನ ಪ್ರದೇಶದ ಸುಮಾರು 352 ಹೆಕ್ಟೇರ್ ಕಬ್ಬು ಬೆಳೆಗಳು ಸಹ ಹಾನಿಗೀಡಾಗಿವೆ. ಒಟ್ಟಾರೆ ಮುಂಗಾರು ಹಂಗಾಮಿನಲ್ಲಿ 1.42 ಲಕ್ಷ ಹೆಕ್ಟೇರ್ ಪ್ರದೇಶದಲ್ಲಿ ಬಿತ್ತನೆ
ಅಂಕಿಅಂಶಗಳ ಪ್ರಕಾರ ರೈತರ ಸಂಖ್ಯೆ ಇದೆ. ಬೆಳೆ ಹಾನಿ ವರದಿಯನ್ನು ಸರ್ಕಾರಕ್ಕೆ ಸಲ್ಲಿಸಲಾಗಿದ್ದು ಪರಿಹಾರ ಬಿಡುಗಡೆಗಾಗಿ ಕಾಯಲಾಗುತ್ತಿದೆ. ರೈತರ ಅಳಲು ಹೆಚ್ಚುತ್ತಿದೆ: ತಾಲೂಕಿನ ಅನೇಕ ಗ್ರಾಮಗಳಲ್ಲಿ ನಿರಂತರ ಮಳೆಯಿಂದ ಬೆಳೆಗಳು ಸಂಪೂರ್ಣ ನಾಶವಾಗಿದ್ದು, ಸಾಲದ ಹೊರೆ ಹೆಚ್ಚಾಗಿದೆ. ರೈತರು ಮುಂದಿನ ಹಂಗಾಮಿಗೆ ಸಿದ್ಧತೆ ಮಾಡಿಕೊಳ್ಳಲು ಪರದಾಡುತ್ತಿದ್ದಾರೆ.
ನಮಯದಲ್ಲೇ ಸಾಲದ ಒತ್ತಡ, ಭೂಮಿ ಬರಡಾಗಿರುವ ಸ್ಥಿತಿ, ಮತ್ತು ಪರಿಹಾರಕ್ಕಾಗಿ ನಿರೀಕ್ಷೆ ಎಂಬಿಗೆ ಮತ್ತೊಂದು ಕಠಿಣ ಹಾದಿಯಾಗಿದೆ. ನೋರಿನ ಮೇಲೆ ಬರಡಾಗಿ ನಿಂತ ಭೂಮಿ, ಮತ್ತೇನು ಮಾಡಲಿ? ಎಂದು ಕೈಚೆಲ್ಲಿ ಕುಳಿತ ರೈತರ ದುಃಖಿತ ಮಾತುಗಳು ಹಳ್ಳಿಗಳಲ್ಲಿ ಕೇಳಿ ಬರುತ್ತಿವೆ. ಸರ್ಕಾರ ತಕ್ಷಣ ಪರಿಹಾರ ನೀಡಬೇಕು.
ದಿನದೊಂದ ಅಂಗಡಿ ತೆರೆದು ಬೋಗಾಗಿ ಅದರೆ - ಸಾಕಷ್ಟು ಎಂದು ವ್ಯಾಪಾರಿಗಳು ದೇವರ ಮೊರೆಹೋಗಿರುವ ದೃಶ್ಯ ಕಾಣುತ್ತಿದೆ. ಸರ್ಕಾರದ ಭರವಸೆ - ರೈತರ ಕಾದು ನೋವು: ಸರ್ಕಾರ ಪರಿಹಾರ ನೀಡುವ ಭರವಸೆ ನೀಡಿದರೂ, ಸರ್ವೆ ವಿಳಂಬದಿಂದ ಹಣ ಖಾತೆಗೆ ಜಮೆಯಾಗಿಲ್ಲ. ರೈತರ ಬೇಸರ ಹೆಚ್ಚಾಗಿದೆ. ಸರ್ಕಾರ ರೈತರ ನೆರವಿಗೆ ಧಾವಿಸಬೇಕು.
Edited. Printed and Published by T. Ganeshkumar on behalf of Gulbarga Sanjevani, No. 112, MSK Mill Road, Kalaburgi Printed at Gulbarga Sajevani MSK Mill Road, KALABURGI-585 103. RNI No.58180/94
